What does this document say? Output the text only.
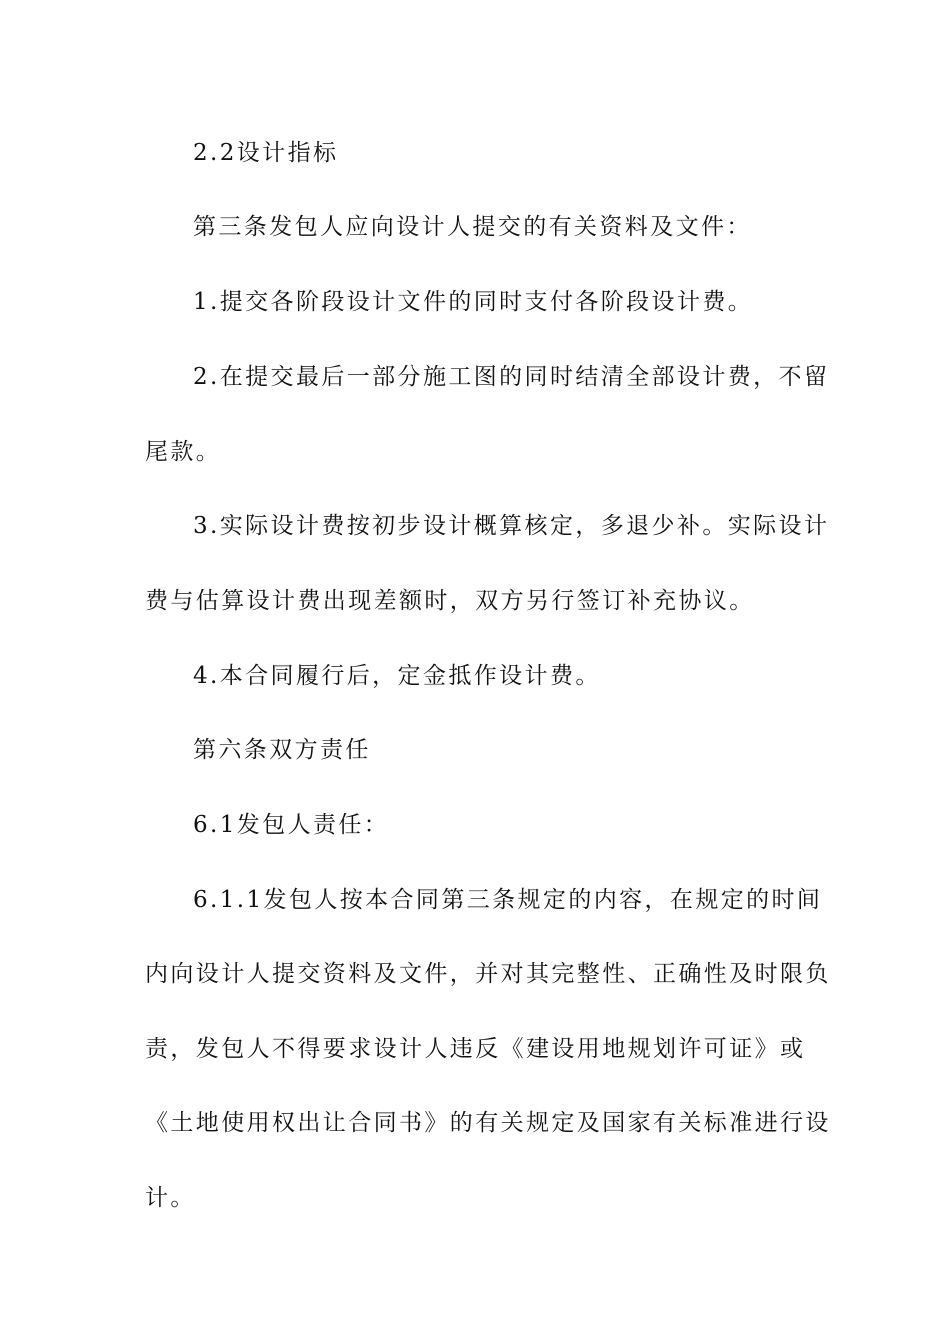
2.2设计指标
第三条发包人应向设计人提交的有关资料及文件：
1.提交各阶段设计文件的同时支付各阶段设计费。
2.在提交最后一部分施工图的同时结清全部设计费，不留
尾款。
3.实际设计费按初步设计概算核定，多退少补。实际设计
费与估算设计费出现差额时，双方另行签订补充协议。
4.本合同履行后，定金抵作设计费。
第六条双方责任
6.1发包人责任：
6.1.1发包人按本合同第三条规定的内容，在规定的时间
内向设计人提交资料及文件，并对其完整性、正确性及时限负
责，发包人不得要求设计人违反《建设用地规划许可证》或
《土地使用权出让合同书》的有关规定及国家有关标准进行设
计。
